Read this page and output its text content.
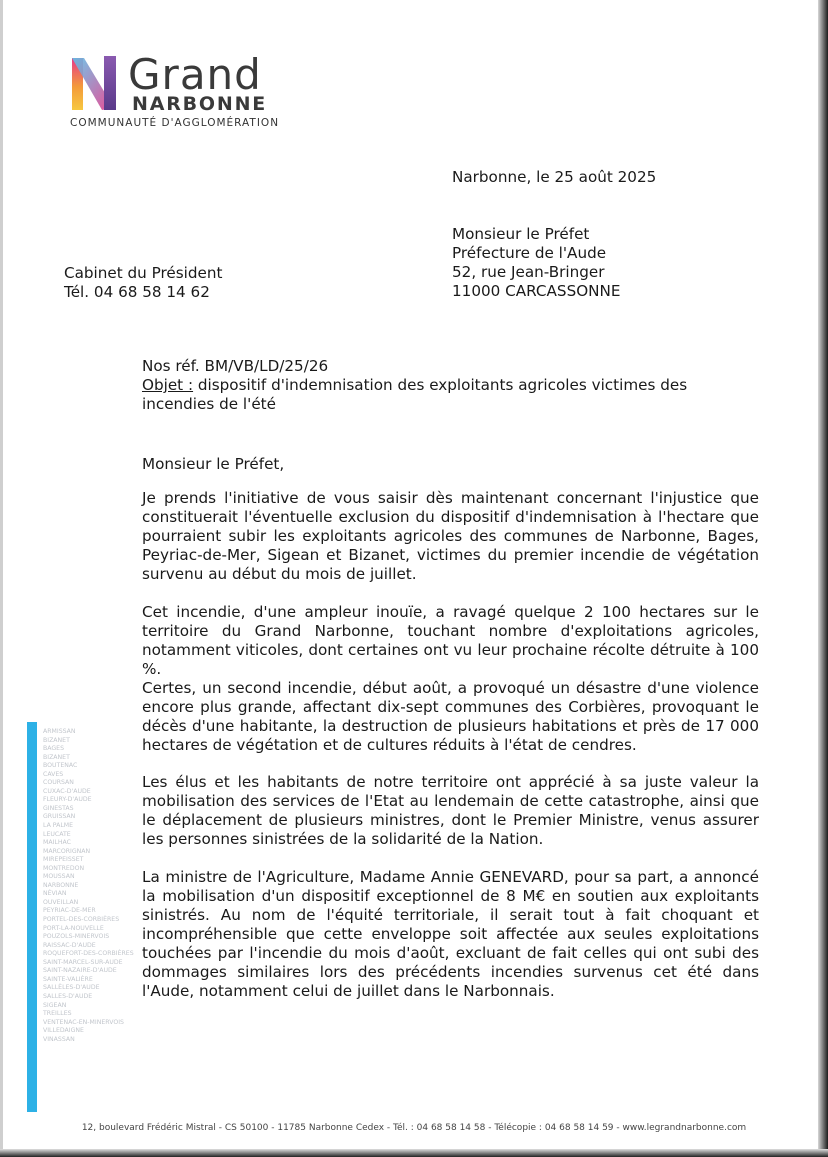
Grand
NARBONNE
COMMUNAUTÉ D'AGGLOMÉRATION
Narbonne, le 25 août 2025
Monsieur le Préfet
Préfecture de l'Aude
52, rue Jean-Bringer
11000 CARCASSONNE
Cabinet du Président
Tél. 04 68 58 14 62
Nos réf. BM/VB/LD/25/26
Objet : dispositif d'indemnisation des exploitants agricoles victimes des incendies de l'été
Monsieur le Préfet,

Je prends l'initiative de vous saisir dès maintenant concernant l'injustice que constituerait l'éventuelle exclusion du dispositif d'indemnisation à l'hectare que pourraient subir les exploitants agricoles des communes de Narbonne, Bages, Peyriac-de-Mer, Sigean et Bizanet, victimes du premier incendie de végétation survenu au début du mois de juillet.

Cet incendie, d'une ampleur inouïe, a ravagé quelque 2 100 hectares sur le territoire du Grand Narbonne, touchant nombre d'exploitations agricoles, notamment viticoles, dont certaines ont vu leur prochaine récolte détruite à 100 %.

Certes, un second incendie, début août, a provoqué un désastre d'une violence encore plus grande, affectant dix-sept communes des Corbières, provoquant le décès d'une habitante, la destruction de plusieurs habitations et près de 17 000 hectares de végétation et de cultures réduits à l'état de cendres.

Les élus et les habitants de notre territoire ont apprécié à sa juste valeur la mobilisation des services de l'Etat au lendemain de cette catastrophe, ainsi que le déplacement de plusieurs ministres, dont le Premier Ministre, venus assurer les personnes sinistrées de la solidarité de la Nation.

La ministre de l'Agriculture, Madame Annie GENEVARD, pour sa part, a annoncé la mobilisation d'un dispositif exceptionnel de 8 M€ en soutien aux exploitants sinistrés. Au nom de l'équité territoriale, il serait tout à fait choquant et incompréhensible que cette enveloppe soit affectée aux seules exploitations touchées par l'incendie du mois d'août, excluant de fait celles qui ont subi des dommages similaires lors des précédents incendies survenus cet été dans l'Aude, notamment celui de juillet dans le Narbonnais.

ARMISSAN
BIZANET
BAGES
BIZANET
BOUTENAC
CAVES
COURSAN
CUXAC-D'AUDE
FLEURY-D'AUDE
GINESTAS
GRUISSAN
LA PALME
LEUCATE
MAILHAC
MARCORIGNAN
MIREPEISSET
MONTREDON
MOUSSAN
NARBONNE
NÉVIAN
OUVEILLAN
PEYRIAC-DE-MER
PORTEL-DES-CORBIÈRES
PORT-LA-NOUVELLE
POUZOLS-MINERVOIS
RAISSAC-D'AUDE
ROQUEFORT-DES-CORBIÈRES
SAINT-MARCEL-SUR-AUDE
SAINT-NAZAIRE-D'AUDE
SAINTE-VALIÈRE
SALLÈLES-D'AUDE
SALLES-D'AUDE
SIGEAN
TREILLES
VENTENAC-EN-MINERVOIS
VILLEDAIGNE
VINASSAN
12, boulevard Frédéric Mistral - CS 50100 - 11785 Narbonne Cedex - Tél. : 04 68 58 14 58 - Télécopie : 04 68 58 14 59 - www.legrandnarbonne.com
